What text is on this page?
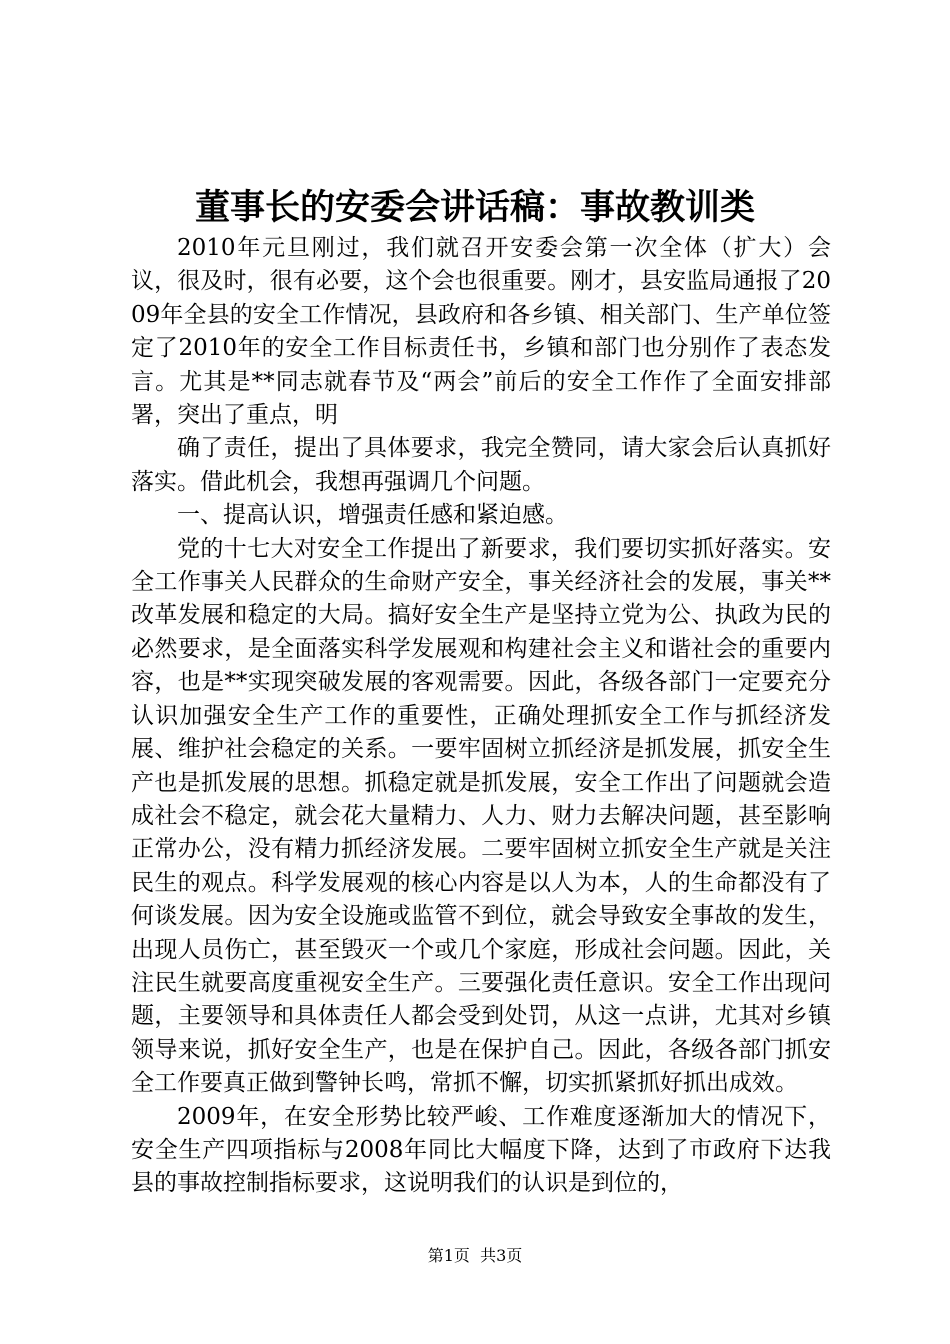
董事长的安委会讲话稿：事故教训类

2010年元旦刚过，我们就召开安委会第一次全体（扩大）会议，很及时，很有必要，这个会也很重要。刚才，县安监局通报了2009年全县的安全工作情况，县政府和各乡镇、相关部门、生产单位签定了2010年的安全工作目标责任书，乡镇和部门也分别作了表态发言。尤其是**同志就春节及“两会”前后的安全工作作了全面安排部署，突出了重点，明

确了责任，提出了具体要求，我完全赞同，请大家会后认真抓好落实。借此机会，我想再强调几个问题。

一、提高认识，增强责任感和紧迫感。

党的十七大对安全工作提出了新要求，我们要切实抓好落实。安全工作事关人民群众的生命财产安全，事关经济社会的发展，事关**改革发展和稳定的大局。搞好安全生产是坚持立党为公、执政为民的必然要求，是全面落实科学发展观和构建社会主义和谐社会的重要内容，也是**实现突破发展的客观需要。因此，各级各部门一定要充分认识加强安全生产工作的重要性，正确处理抓安全工作与抓经济发展、维护社会稳定的关系。一要牢固树立抓经济是抓发展，抓安全生产也是抓发展的思想。抓稳定就是抓发展，安全工作出了问题就会造成社会不稳定，就会花大量精力、人力、财力去解决问题，甚至影响正常办公，没有精力抓经济发展。二要牢固树立抓安全生产就是关注民生的观点。科学发展观的核心内容是以人为本，人的生命都没有了何谈发展。因为安全设施或监管不到位，就会导致安全事故的发生，出现人员伤亡，甚至毁灭一个或几个家庭，形成社会问题。因此，关注民生就要高度重视安全生产。三要强化责任意识。安全工作出现问题，主要领导和具体责任人都会受到处罚，从这一点讲，尤其对乡镇领导来说，抓好安全生产，也是在保护自己。因此，各级各部门抓安全工作要真正做到警钟长鸣，常抓不懈，切实抓紧抓好抓出成效。

2009年，在安全形势比较严峻、工作难度逐渐加大的情况下，安全生产四项指标与2008年同比大幅度下降，达到了市政府下达我县的事故控制指标要求，这说明我们的认识是到位的，

第1页 共3页
